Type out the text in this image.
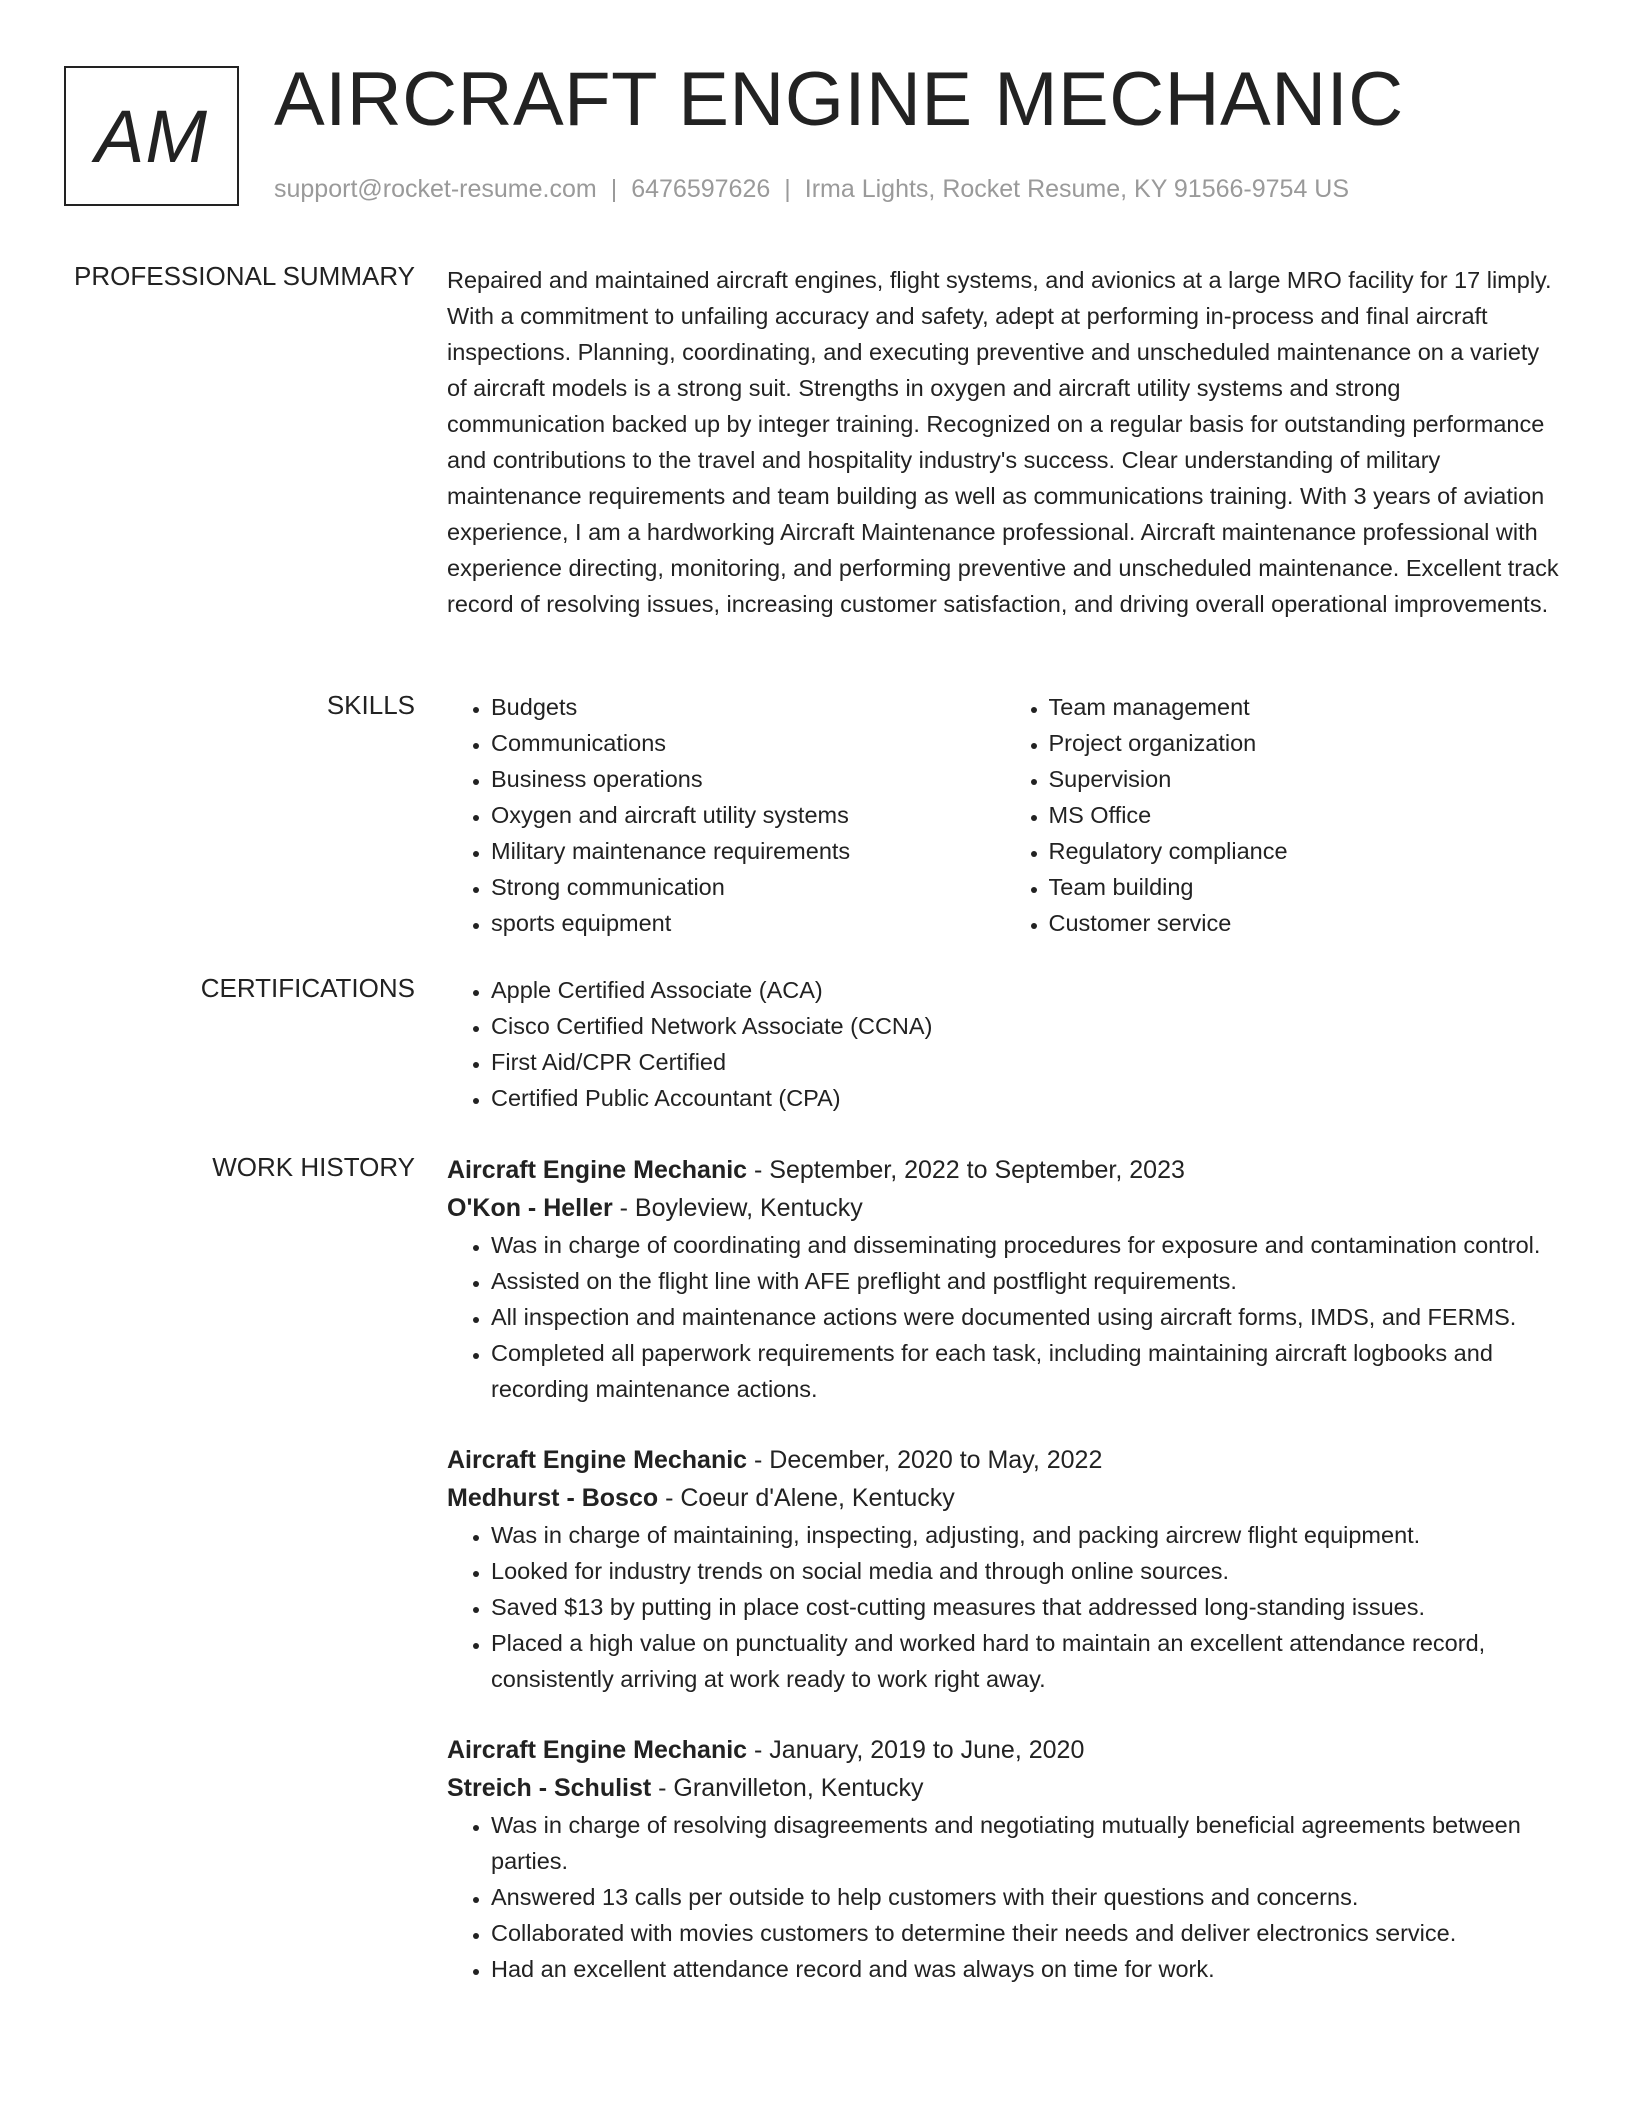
AM AIRCRAFT ENGINE MECHANIC
support@rocket-resume.com | 6476597626 | Irma Lights, Rocket Resume, KY 91566-9754 US
PROFESSIONAL SUMMARY Repaired and maintained aircraft engines, flight systems, and avionics at a large MRO facility for 17 limply. With a commitment to unfailing accuracy and safety, adept at performing in-process and final aircraft inspections. Planning, coordinating, and executing preventive and unscheduled maintenance on a variety of aircraft models is a strong suit. Strengths in oxygen and aircraft utility systems and strong communication backed up by integer training. Recognized on a regular basis for outstanding performance and contributions to the travel and hospitality industry's success. Clear understanding of military maintenance requirements and team building as well as communications training. With 3 years of aviation experience, I am a hardworking Aircraft Maintenance professional. Aircraft maintenance professional with experience directing, monitoring, and performing preventive and unscheduled maintenance. Excellent track record of resolving issues, increasing customer satisfaction, and driving overall operational improvements.
SKILLS	• Budgets
• Communications
• Business operations
• Oxygen and aircraft utility systems
• Military maintenance requirements
• Strong communication
• sports equipment
• Team management
• Project organization
• Supervision
• MS Office
• Regulatory compliance
• Team building
• Customer service
CERTIFICATIONS	• Apple Certified Associate (ACA)
• Cisco Certified Network Associate (CCNA)
• First Aid/CPR Certified
• Certified Public Accountant (CPA)
WORK HISTORY Aircraft Engine Mechanic - September, 2022 to September, 2023
O'Kon - Heller - Boyleview, Kentucky
• Was in charge of coordinating and disseminating procedures for exposure and contamination control.
• Assisted on the flight line with AFE preflight and postflight requirements.
• All inspection and maintenance actions were documented using aircraft forms, IMDS, and FERMS.
• Completed all paperwork requirements for each task, including maintaining aircraft logbooks and recording maintenance actions.
Aircraft Engine Mechanic - December, 2020 to May, 2022
Medhurst - Bosco - Coeur d'Alene, Kentucky
• Was in charge of maintaining, inspecting, adjusting, and packing aircrew flight equipment.
• Looked for industry trends on social media and through online sources.
• Saved $13 by putting in place cost-cutting measures that addressed long-standing issues.
• Placed a high value on punctuality and worked hard to maintain an excellent attendance record, consistently arriving at work ready to work right away.
Aircraft Engine Mechanic - January, 2019 to June, 2020
Streich - Schulist - Granvilleton, Kentucky
• Was in charge of resolving disagreements and negotiating mutually beneficial agreements between parties.
• Answered 13 calls per outside to help customers with their questions and concerns.
• Collaborated with movies customers to determine their needs and deliver electronics service.
• Had an excellent attendance record and was always on time for work.
